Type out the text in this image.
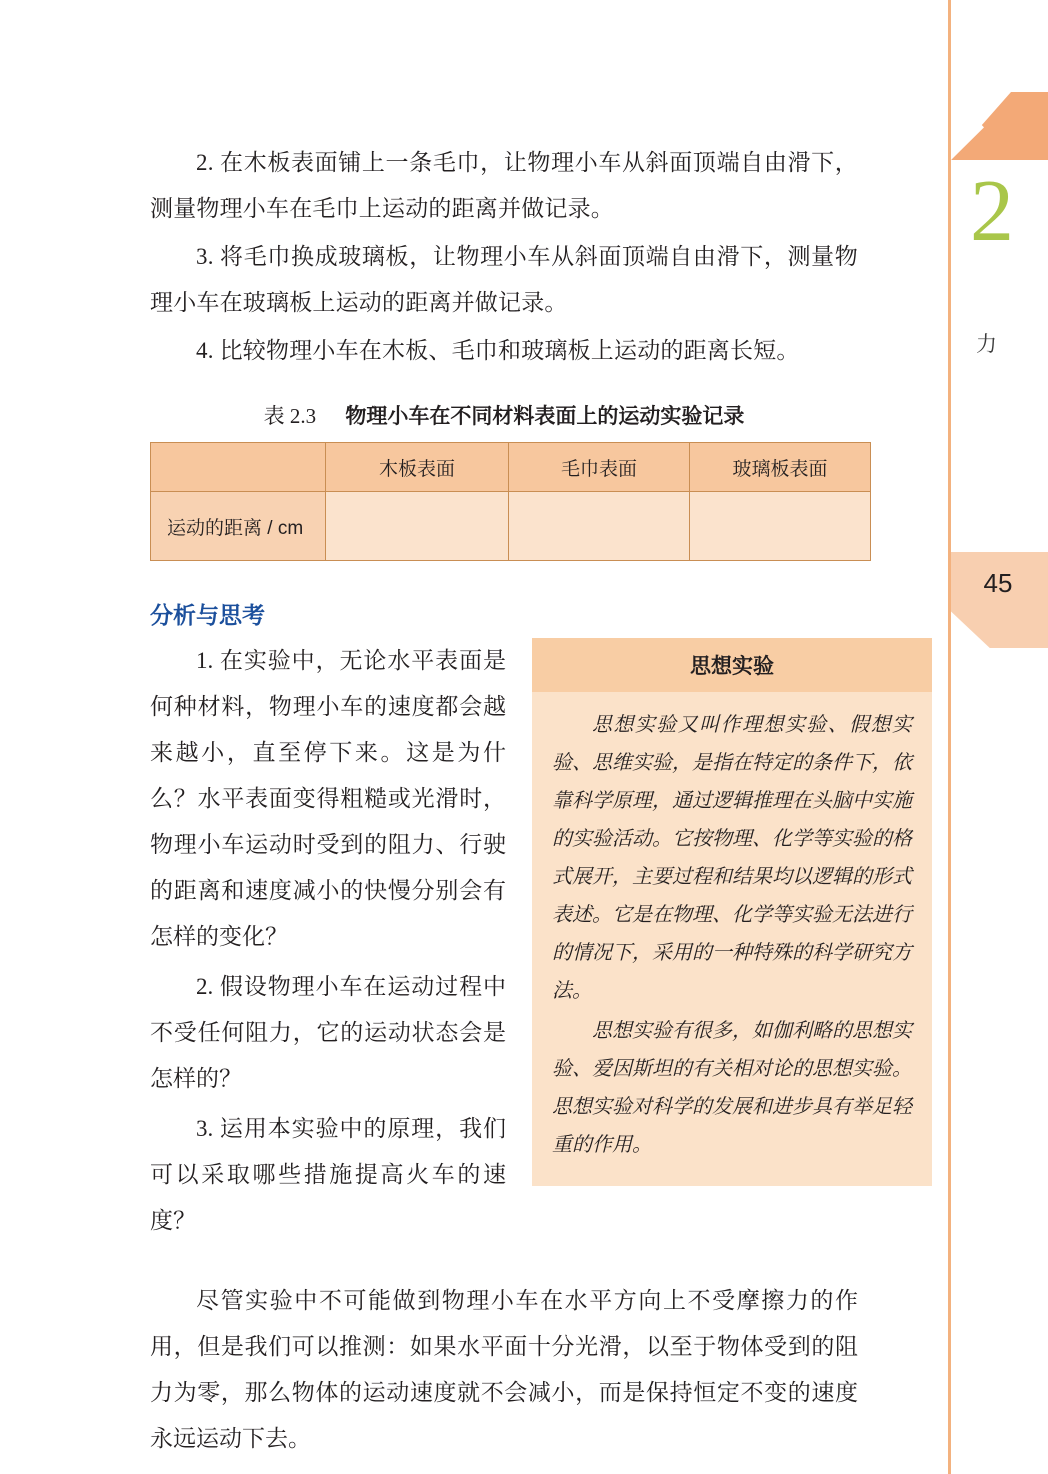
2. 在木板表面铺上一条毛巾，让物理小车从斜面顶端自由滑下，测量物理小车在毛巾上运动的距离并做记录。

3. 将毛巾换成玻璃板，让物理小车从斜面顶端自由滑下，测量物理小车在玻璃板上运动的距离并做记录。

4. 比较物理小车在木板、毛巾和玻璃板上运动的距离长短。

表 2.3 物理小车在不同材料表面上的运动实验记录
	木板表面	毛巾表面	玻璃板表面
运动的距离 / cm			
分析与思考

1. 在实验中，无论水平表面是何种材料，物理小车的速度都会越来越小，直至停下来。这是为什么？水平表面变得粗糙或光滑时，物理小车运动时受到的阻力、行驶的距离和速度减小的快慢分别会有怎样的变化？

2. 假设物理小车在运动过程中不受任何阻力，它的运动状态会是怎样的？

3. 运用本实验中的原理，我们可以采取哪些措施提高火车的速度？

思想实验

思想实验又叫作理想实验、假想实验、思维实验，是指在特定的条件下，依靠科学原理，通过逻辑推理在头脑中实施的实验活动。它按物理、化学等实验的格式展开，主要过程和结果均以逻辑的形式表述。它是在物理、化学等实验无法进行的情况下，采用的一种特殊的科学研究方法。

思想实验有很多，如伽利略的思想实验、爱因斯坦的有关相对论的思想实验。思想实验对科学的发展和进步具有举足轻重的作用。

尽管实验中不可能做到物理小车在水平方向上不受摩擦力的作用，但是我们可以推测：如果水平面十分光滑，以至于物体受到的阻力为零，那么物体的运动速度就不会减小，而是保持恒定不变的速度永远运动下去。

2
力
45
